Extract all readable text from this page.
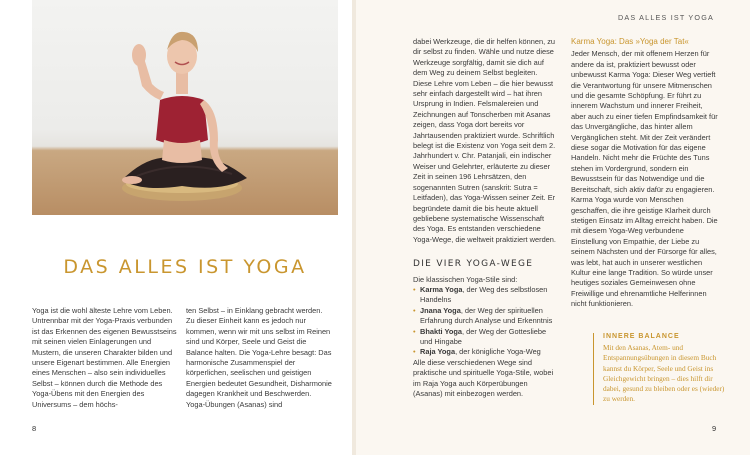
DAS ALLES IST YOGA

Yoga ist die wohl älteste Lehre vom Leben. Untrennbar mit der Yoga-Praxis verbunden ist das Erkennen des eigenen Bewusstseins mit seinen vielen Einlagerungen und Mustern, die unseren Charakter bilden und unsere Eigenart bestimmen. Alle Energien eines Menschen – also sein individuelles Selbst – können durch die Methode des Yoga-Übens mit den Energien des Universums – dem höchs-

ten Selbst – in Einklang gebracht werden. Zu dieser Einheit kann es jedoch nur kommen, wenn wir mit uns selbst im Reinen sind und Körper, Seele und Geist die Balance halten. Die Yoga-Lehre besagt: Das harmonische Zusammenspiel der körperlichen, seelischen und geistigen Energien bedeutet Gesundheit, Disharmonie dagegen Krankheit und Beschwerden. Yoga-Übungen (Asanas) sind

8
DAS ALLES IST YOGA

dabei Werkzeuge, die dir helfen können, zu dir selbst zu finden. Wähle und nutze diese Werkzeuge sorgfältig, damit sie dich auf dem Weg zu deinem Selbst begleiten. Diese Lehre vom Leben – die hier bewusst sehr einfach dargestellt wird – hat ihren Ursprung in Indien. Felsmalereien und Zeichnungen auf Tonscherben mit Asanas zeigen, dass Yoga dort bereits vor Jahrtausenden praktiziert wurde. Schriftlich belegt ist die Existenz von Yoga seit dem 2. Jahrhundert v. Chr. Patanjali, ein indischer Weiser und Gelehrter, erläuterte zu dieser Zeit in seinen 196 Lehrsätzen, den sogenannten Sutren (sanskrit: Sutra = Leitfaden), das Yoga-Wissen seiner Zeit. Er begründete damit die bis heute aktuell gebliebene systematische Wissenschaft des Yoga. Es entstanden verschiedene Yoga-Wege, die weltweit praktiziert werden.

DIE VIER YOGA-WEGE

Die klassischen Yoga-Stile sind:

• Karma Yoga, der Weg des selbstlosen Handelns
• Jnana Yoga, der Weg der spirituellen Erfahrung durch Analyse und Erkenntnis
• Bhakti Yoga, der Weg der Gottesliebe und Hingabe
• Raja Yoga, der königliche Yoga-Weg

Alle diese verschiedenen Wege sind praktische und spirituelle Yoga-Stile, wobei im Raja Yoga auch Körperübungen (Asanas) mit einbezogen werden.

Karma Yoga: Das »Yoga der Tat«

Jeder Mensch, der mit offenem Herzen für andere da ist, praktiziert bewusst oder unbewusst Karma Yoga: Dieser Weg vertieft die Verantwortung für unsere Mitmenschen und die gesamte Schöpfung. Er führt zu innerem Wachstum und innerer Freiheit, aber auch zu einer tiefen Empfindsamkeit für das Unvergängliche, das hinter allem Vergänglichen steht. Mit der Zeit verändert diese sogar die Motivation für das eigene Handeln. Nicht mehr die Früchte des Tuns stehen im Vordergrund, sondern ein Bewusstsein für das Notwendige und die Bereitschaft, sich aktiv dafür zu engagieren. Karma Yoga wurde von Menschen geschaffen, die ihre geistige Klarheit durch stetigen Einsatz im Alltag erreicht haben. Die mit diesem Yoga-Weg verbundene Einstellung von Empathie, der Liebe zu seinem Nächsten und der Fürsorge für alles, was lebt, hat auch in unserer westlichen Kultur eine lange Tradition. So würde unser heutiges soziales Gemeinwesen ohne Freiwillige und ehrenamtliche Helferinnen nicht funktionieren.

INNERE BALANCE
Mit den Asanas, Atem- und Entspannungsübungen in diesem Buch kannst du Körper, Seele und Geist ins Gleichgewicht bringen – dies hilft dir dabei, gesund zu bleiben oder es (wieder) zu werden.
9
